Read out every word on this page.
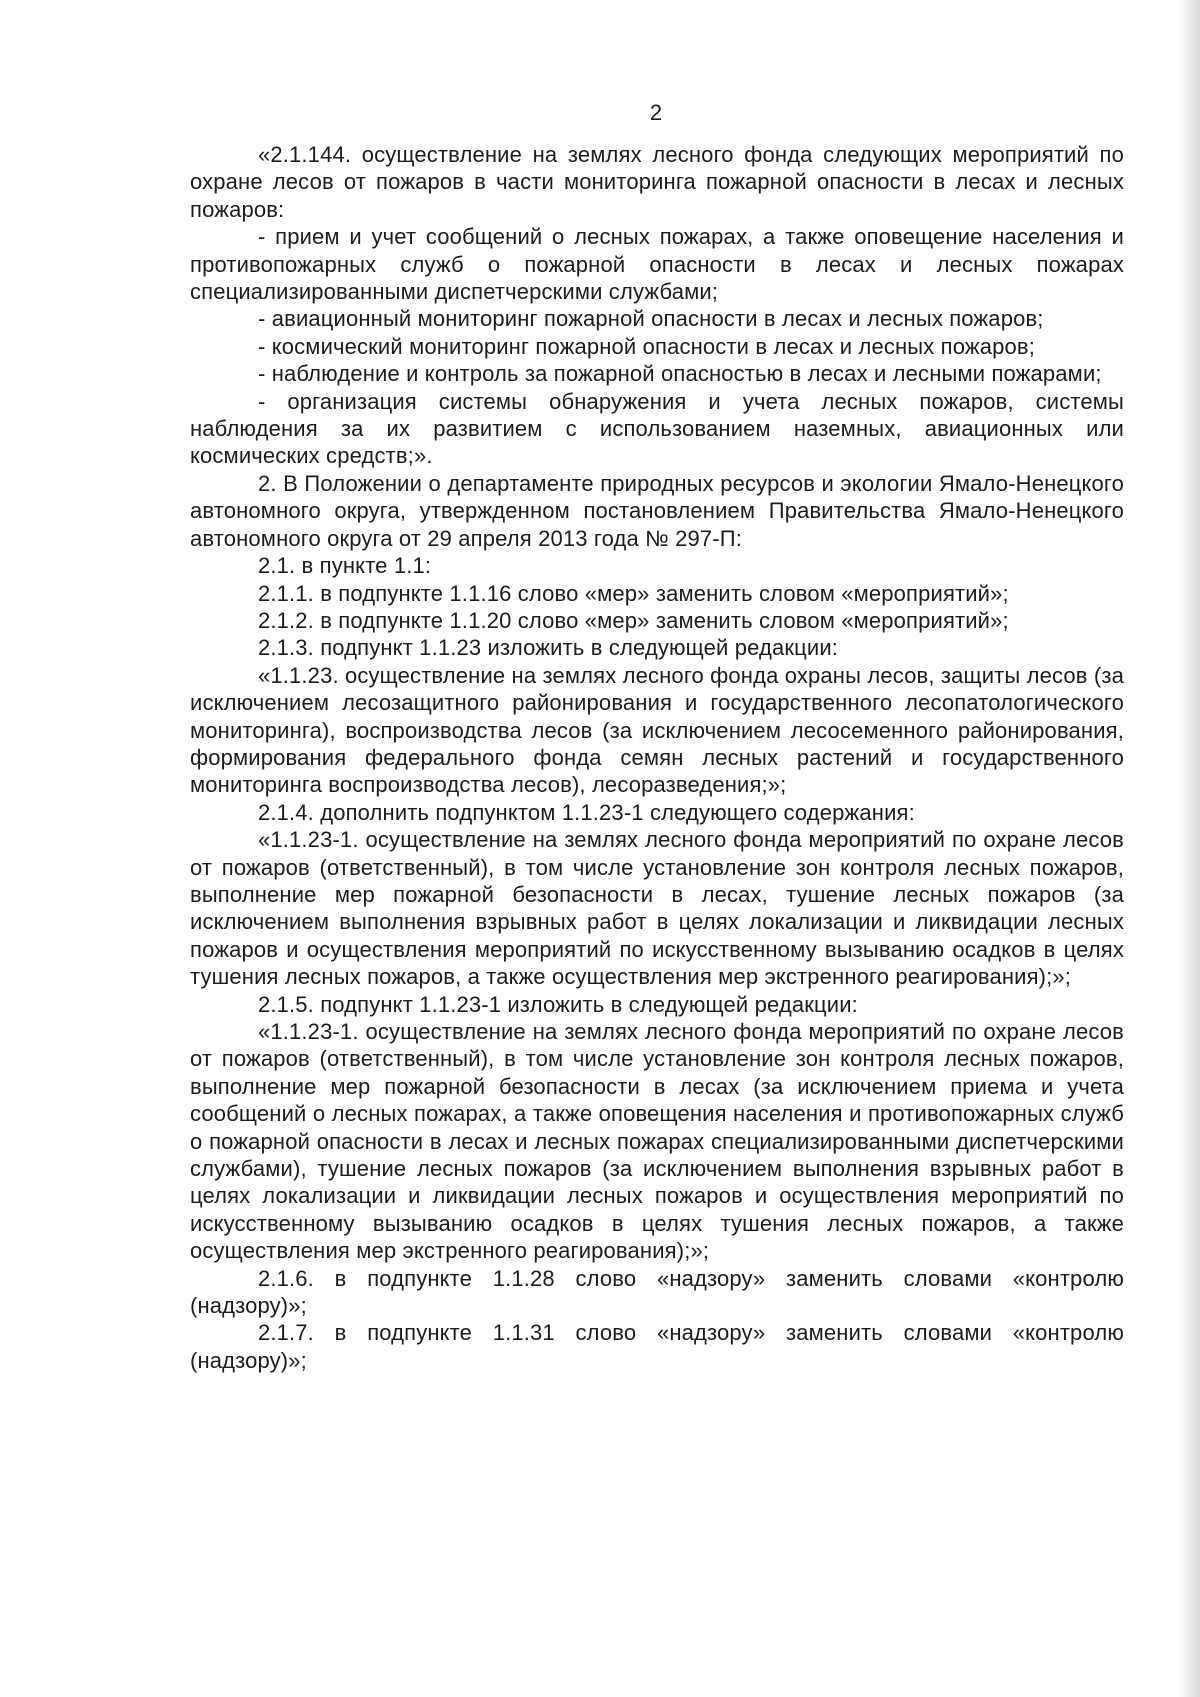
2

«2.1.144. осуществление на землях лесного фонда следующих мероприятий по охране лесов от пожаров в части мониторинга пожарной опасности в лесах и лесных пожаров:

- прием и учет сообщений о лесных пожарах, а также оповещение населения и противопожарных служб о пожарной опасности в лесах и лесных пожарах специализированными диспетчерскими службами;

- авиационный мониторинг пожарной опасности в лесах и лесных пожаров;

- космический мониторинг пожарной опасности в лесах и лесных пожаров;

- наблюдение и контроль за пожарной опасностью в лесах и лесными пожарами;

- организация системы обнаружения и учета лесных пожаров, системы наблюдения за их развитием с использованием наземных, авиационных или космических средств;».

2. В Положении о департаменте природных ресурсов и экологии Ямало-Ненецкого автономного округа, утвержденном постановлением Правительства Ямало-Ненецкого автономного округа от 29 апреля 2013 года № 297-П:

2.1. в пункте 1.1:

2.1.1. в подпункте 1.1.16 слово «мер» заменить словом «мероприятий»;

2.1.2. в подпункте 1.1.20 слово «мер» заменить словом «мероприятий»;

2.1.3. подпункт 1.1.23 изложить в следующей редакции:

«1.1.23. осуществление на землях лесного фонда охраны лесов, защиты лесов (за исключением лесозащитного районирования и государственного лесопатологического мониторинга), воспроизводства лесов (за исключением лесосеменного районирования, формирования федерального фонда семян лесных растений и государственного мониторинга воспроизводства лесов), лесоразведения;»;

2.1.4. дополнить подпунктом 1.1.23-1 следующего содержания:

«1.1.23-1. осуществление на землях лесного фонда мероприятий по охране лесов от пожаров (ответственный), в том числе установление зон контроля лесных пожаров, выполнение мер пожарной безопасности в лесах, тушение лесных пожаров (за исключением выполнения взрывных работ в целях локализации и ликвидации лесных пожаров и осуществления мероприятий по искусственному вызыванию осадков в целях тушения лесных пожаров, а также осуществления мер экстренного реагирования);»;

2.1.5. подпункт 1.1.23-1 изложить в следующей редакции:

«1.1.23-1. осуществление на землях лесного фонда мероприятий по охране лесов от пожаров (ответственный), в том числе установление зон контроля лесных пожаров, выполнение мер пожарной безопасности в лесах (за исключением приема и учета сообщений о лесных пожарах, а также оповещения населения и противопожарных служб о пожарной опасности в лесах и лесных пожарах специализированными диспетчерскими службами), тушение лесных пожаров (за исключением выполнения взрывных работ в целях локализации и ликвидации лесных пожаров и осуществления мероприятий по искусственному вызыванию осадков в целях тушения лесных пожаров, а также осуществления мер экстренного реагирования);»;

2.1.6. в подпункте 1.1.28 слово «надзору» заменить словами «контролю (надзору)»;

2.1.7. в подпункте 1.1.31 слово «надзору» заменить словами «контролю (надзору)»;
